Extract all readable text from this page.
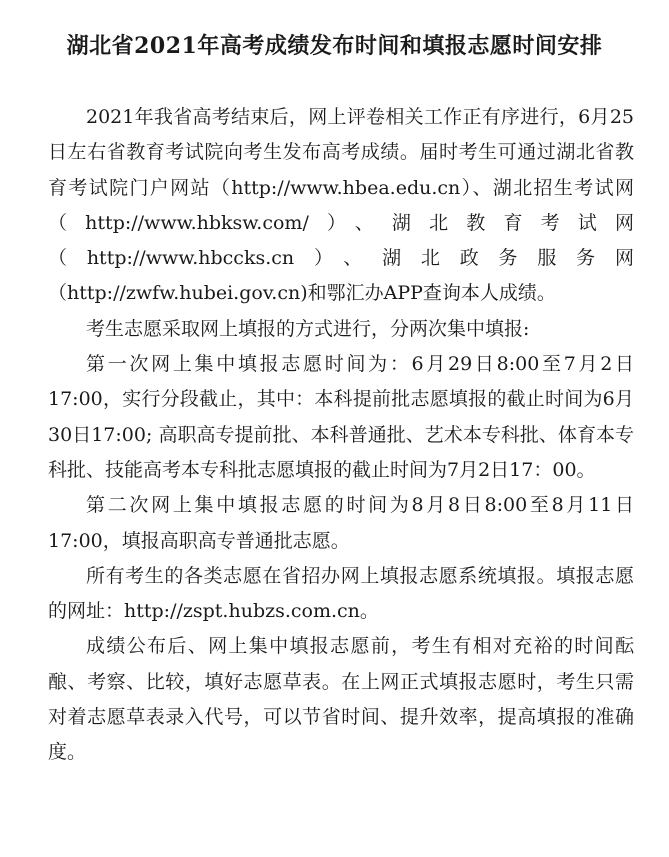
湖北省2021年高考成绩发布时间和填报志愿时间安排

2021年我省高考结束后，网上评卷相关工作正有序进行，6月25日左右省教育考试院向考生发布高考成绩。届时考生可通过湖北省教育考试院门户网站（http://www.hbea.edu.cn）、湖北招生考试网（http://www.hbksw.com/）、湖北教育考试网（http://www.hbccks.cn）、湖北政务服务网（http://zwfw.hubei.gov.cn)和鄂汇办APP查询本人成绩。

考生志愿采取网上填报的方式进行，分两次集中填报:

第一次网上集中填报志愿时间为：6月29日8:00至7月2日17:00，实行分段截止，其中：本科提前批志愿填报的截止时间为6月30日17:00; 高职高专提前批、本科普通批、艺术本专科批、体育本专科批、技能高考本专科批志愿填报的截止时间为7月2日17：00。

第二次网上集中填报志愿的时间为8月8日8:00至8月11日17:00，填报高职高专普通批志愿。

所有考生的各类志愿在省招办网上填报志愿系统填报。填报志愿的网址：http://zspt.hubzs.com.cn。

成绩公布后、网上集中填报志愿前，考生有相对充裕的时间酝酿、考察、比较，填好志愿草表。在上网正式填报志愿时，考生只需对着志愿草表录入代号，可以节省时间、提升效率，提高填报的准确度。
